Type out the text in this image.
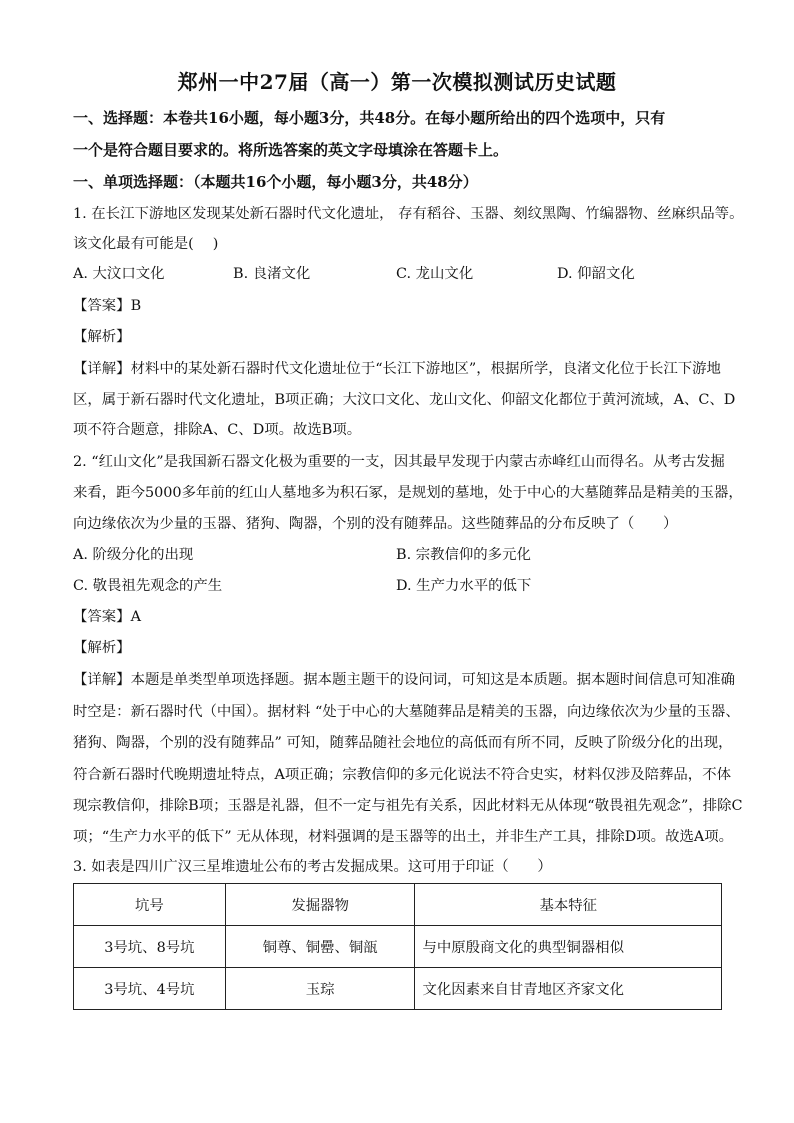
郑州一中27届（高一）第一次模拟测试历史试题
一、选择题：本卷共16小题，每小题3分，共48分。在每小题所给出的四个选项中，只有
一个是符合题目要求的。将所选答案的英文字母填涂在答题卡上。
一、单项选择题：（本题共16个小题，每小题3分，共48分）
1. 在长江下游地区发现某处新石器时代文化遗址， 存有稻谷、玉器、刻纹黑陶、竹编器物、丝麻织品等。
该文化最有可能是(　 )
A. 大汶口文化	B. 良渚文化	C. 龙山文化	D. 仰韶文化
【答案】B
【解析】
【详解】材料中的某处新石器时代文化遗址位于“长江下游地区”，根据所学，良渚文化位于长江下游地
区，属于新石器时代文化遗址，B项正确；大汶口文化、龙山文化、仰韶文化都位于黄河流域，A、C、D
项不符合题意，排除A、C、D项。故选B项。
2. “红山文化”是我国新石器文化极为重要的一支，因其最早发现于内蒙古赤峰红山而得名。从考古发掘
来看，距今5000多年前的红山人墓地多为积石冢，是规划的墓地，处于中心的大墓随葬品是精美的玉器，
向边缘依次为少量的玉器、猪狗、陶器，个别的没有随葬品。这些随葬品的分布反映了（　　）
A. 阶级分化的出现	B. 宗教信仰的多元化
C. 敬畏祖先观念的产生	D. 生产力水平的低下
【答案】A
【解析】
【详解】本题是单类型单项选择题。据本题主题干的设问词，可知这是本质题。据本题时间信息可知准确
时空是：新石器时代（中国）。据材料 “处于中心的大墓随葬品是精美的玉器，向边缘依次为少量的玉器、
猪狗、陶器，个别的没有随葬品” 可知，随葬品随社会地位的高低而有所不同，反映了阶级分化的出现，
符合新石器时代晚期遗址特点，A项正确；宗教信仰的多元化说法不符合史实，材料仅涉及陪葬品，不体
现宗教信仰，排除B项；玉器是礼器，但不一定与祖先有关系，因此材料无从体现“敬畏祖先观念”，排除C
项；“生产力水平的低下” 无从体现，材料强调的是玉器等的出土，并非生产工具，排除D项。故选A项。
3. 如表是四川广汉三星堆遗址公布的考古发掘成果。这可用于印证（　　）
坑号	发掘器物	基本特征
3号坑、8号坑	铜尊、铜罍、铜瓿	与中原殷商文化的典型铜器相似
3号坑、4号坑	玉琮	文化因素来自甘青地区齐家文化
